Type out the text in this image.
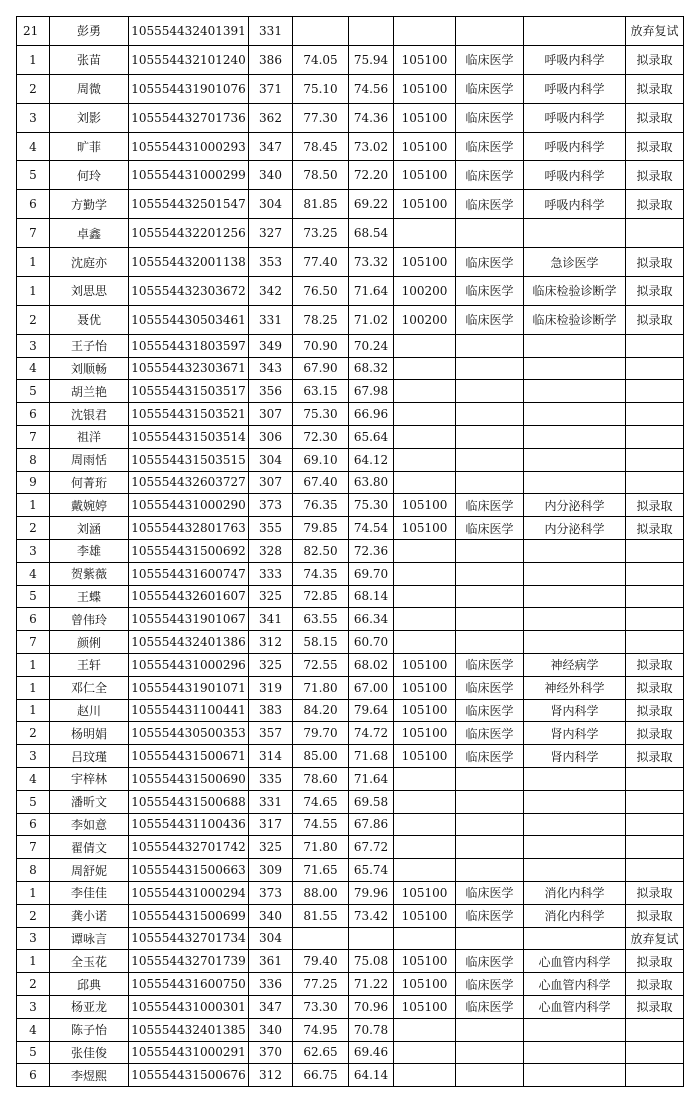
21	彭勇	105554432401391	331						放弃复试
1	张苗	105554432101240	386	74.05	75.94	105100	临床医学	呼吸内科学	拟录取
2	周微	105554431901076	371	75.10	74.56	105100	临床医学	呼吸内科学	拟录取
3	刘影	105554432701736	362	77.30	74.36	105100	临床医学	呼吸内科学	拟录取
4	旷菲	105554431000293	347	78.45	73.02	105100	临床医学	呼吸内科学	拟录取
5	何玲	105554431000299	340	78.50	72.20	105100	临床医学	呼吸内科学	拟录取
6	方勤学	105554432501547	304	81.85	69.22	105100	临床医学	呼吸内科学	拟录取
7	卓鑫	105554432201256	327	73.25	68.54				
1	沈庭亦	105554432001138	353	77.40	73.32	105100	临床医学	急诊医学	拟录取
1	刘思思	105554432303672	342	76.50	71.64	100200	临床医学	临床检验诊断学	拟录取
2	聂优	105554430503461	331	78.25	71.02	100200	临床医学	临床检验诊断学	拟录取
3	王子怡	105554431803597	349	70.90	70.24				
4	刘顺畅	105554432303671	343	67.90	68.32				
5	胡兰艳	105554431503517	356	63.15	67.98				
6	沈银君	105554431503521	307	75.30	66.96				
7	祖洋	105554431503514	306	72.30	65.64				
8	周雨恬	105554431503515	304	69.10	64.12				
9	何菁珩	105554432603727	307	67.40	63.80				
1	戴婉婷	105554431000290	373	76.35	75.30	105100	临床医学	内分泌科学	拟录取
2	刘涵	105554432801763	355	79.85	74.54	105100	临床医学	内分泌科学	拟录取
3	李雄	105554431500692	328	82.50	72.36				
4	贺紫薇	105554431600747	333	74.35	69.70				
5	王蝶	105554432601607	325	72.85	68.14				
6	曾伟玲	105554431901067	341	63.55	66.34				
7	颜俐	105554432401386	312	58.15	60.70				
1	王轩	105554431000296	325	72.55	68.02	105100	临床医学	神经病学	拟录取
1	邓仁全	105554431901071	319	71.80	67.00	105100	临床医学	神经外科学	拟录取
1	赵川	105554431100441	383	84.20	79.64	105100	临床医学	肾内科学	拟录取
2	杨明娟	105554430500353	357	79.70	74.72	105100	临床医学	肾内科学	拟录取
3	吕玟瑾	105554431500671	314	85.00	71.68	105100	临床医学	肾内科学	拟录取
4	宇梓林	105554431500690	335	78.60	71.64				
5	潘昕文	105554431500688	331	74.65	69.58				
6	李如意	105554431100436	317	74.55	67.86				
7	翟倩文	105554432701742	325	71.80	67.72				
8	周舒妮	105554431500663	309	71.65	65.74				
1	李佳佳	105554431000294	373	88.00	79.96	105100	临床医学	消化内科学	拟录取
2	龚小诺	105554431500699	340	81.55	73.42	105100	临床医学	消化内科学	拟录取
3	谭咏言	105554432701734	304						放弃复试
1	全玉花	105554432701739	361	79.40	75.08	105100	临床医学	心血管内科学	拟录取
2	邱典	105554431600750	336	77.25	71.22	105100	临床医学	心血管内科学	拟录取
3	杨亚龙	105554431000301	347	73.30	70.96	105100	临床医学	心血管内科学	拟录取
4	陈子怡	105554432401385	340	74.95	70.78				
5	张佳俊	105554431000291	370	62.65	69.46				
6	李煜熙	105554431500676	312	66.75	64.14				
